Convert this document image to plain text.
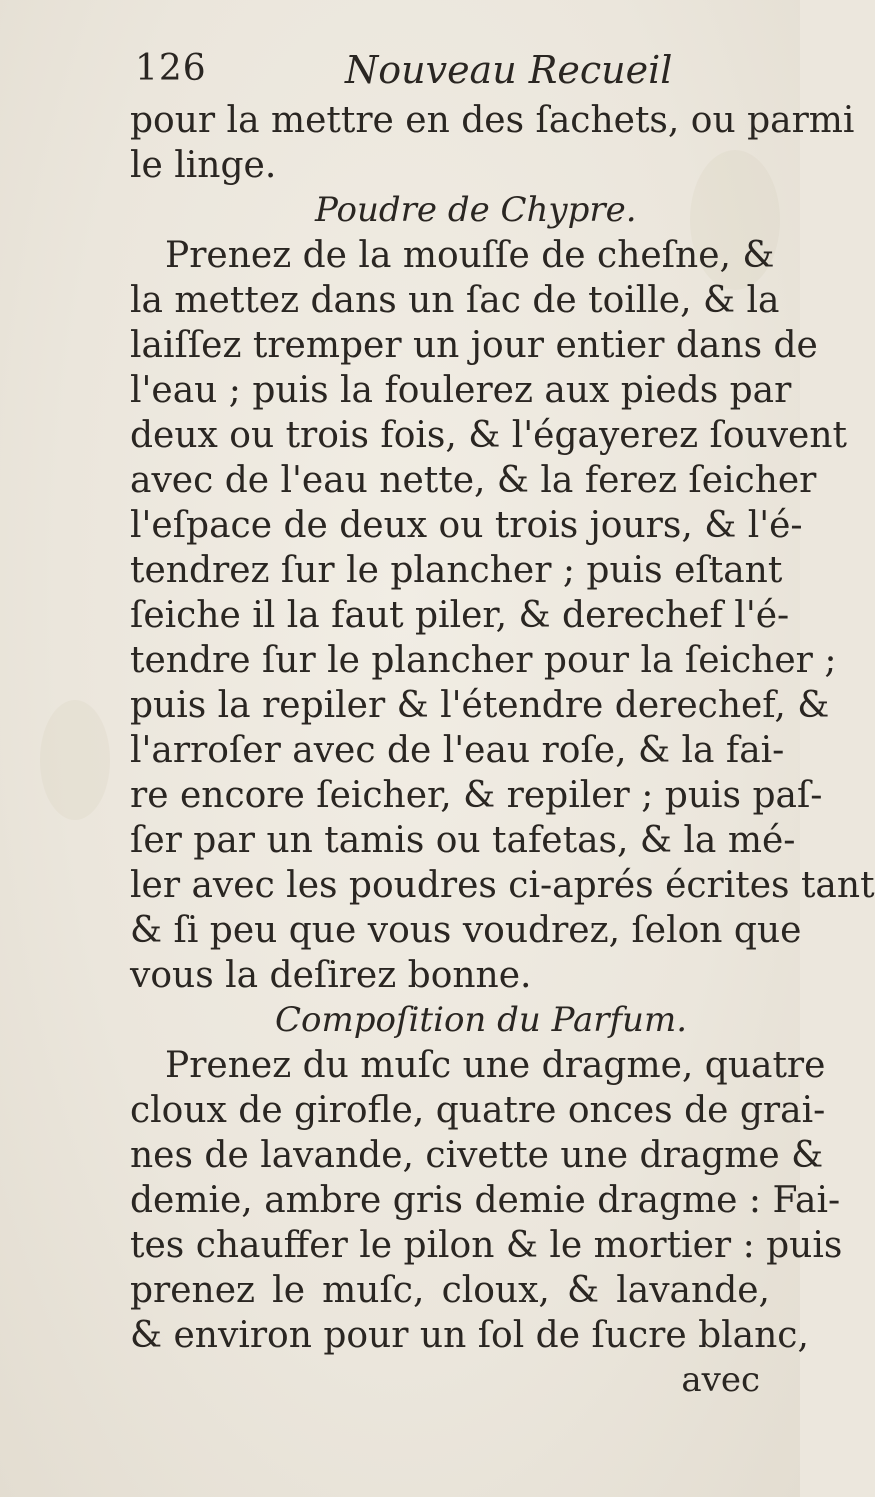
126	Nouveau Recueil
pour la mettre en des ſachets, ou parmi
le linge.
Poudre de Chypre.
Prenez de la mouſſe de cheſne, &
la mettez dans un ſac de toille, & la
laiſſez tremper un jour entier dans de
l'eau ; puis la foulerez aux pieds par
deux ou trois fois, & l'égayerez ſouvent
avec de l'eau nette, & la ferez ſeicher
l'eſpace de deux ou trois jours, & l'é-
tendrez ſur le plancher ; puis eſtant
ſeiche il la faut piler, & derechef l'é-
tendre ſur le plancher pour la ſeicher ;
puis la repiler & l'étendre derechef, &
l'arroſer avec de l'eau roſe, & la fai-
re encore ſeicher, & repiler ; puis paſ-
ſer par un tamis ou tafetas, & la mé-
ler avec les poudres ci-aprés écrites tant
& ſi peu que vous voudrez, ſelon que
vous la deſirez bonne.
Compoſition du Parfum.
Prenez du muſc une dragme, quatre
cloux de girofle, quatre onces de grai-
nes de lavande, civette une dragme &
demie, ambre gris demie dragme : Fai-
tes chauffer le pilon & le mortier : puis
prenez le muſc, cloux, & lavande,
& environ pour un ſol de ſucre blanc,
avec
